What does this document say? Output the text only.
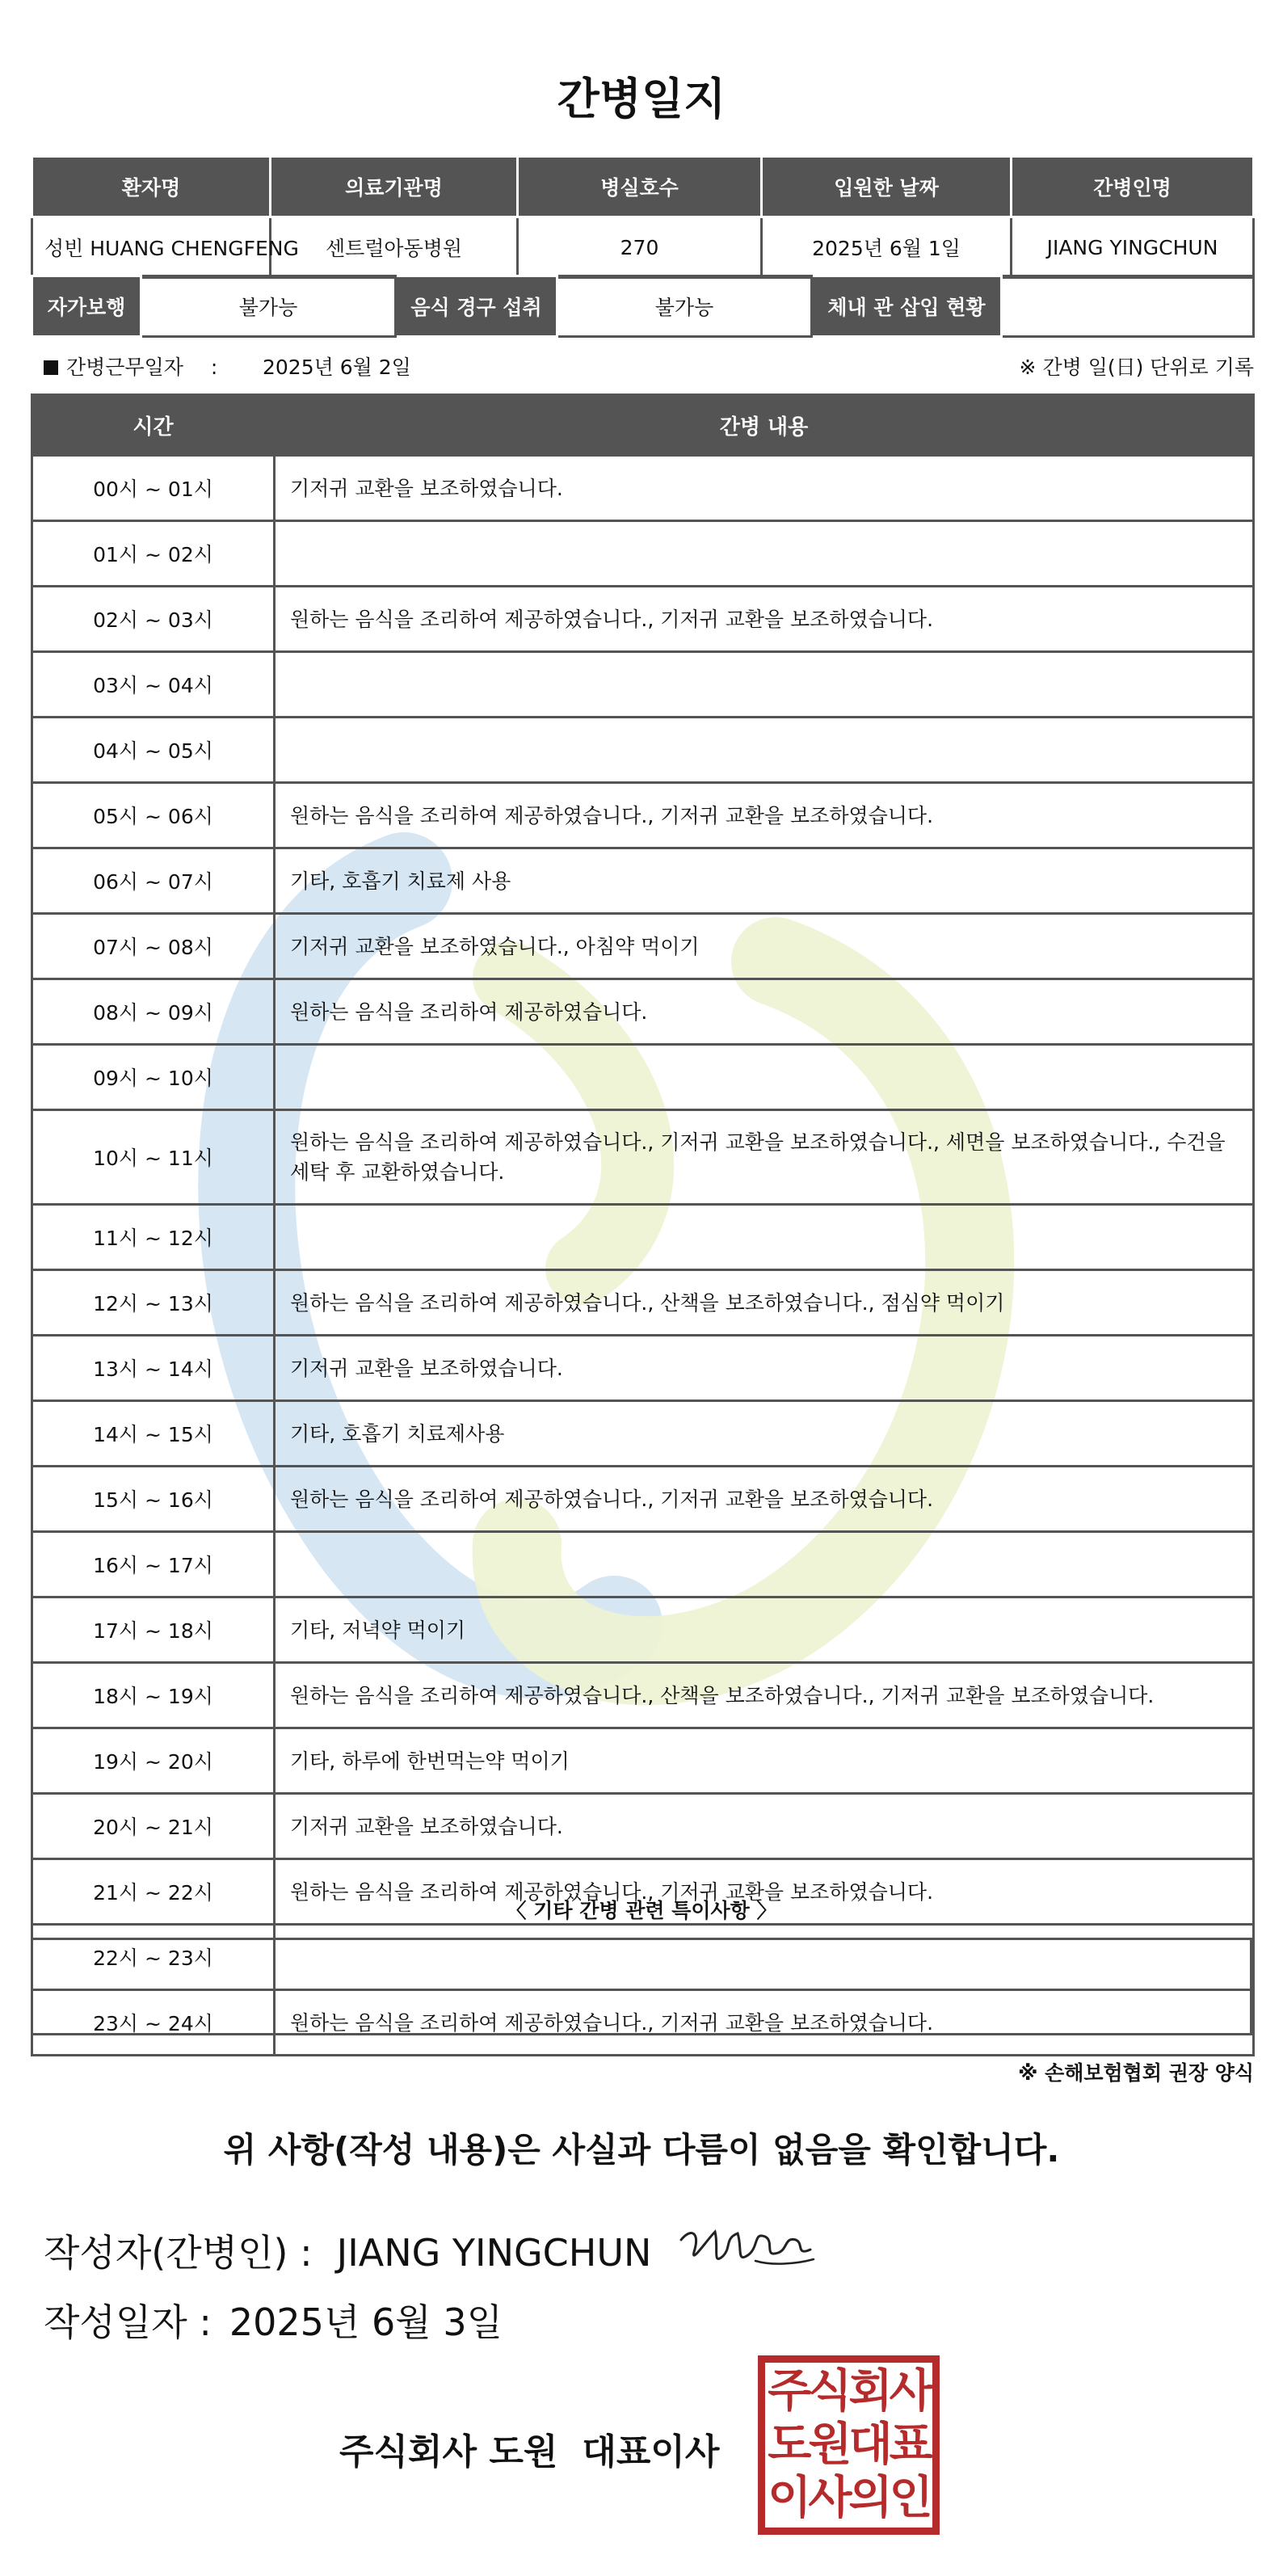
간병일지
환자명	의료기관명	병실호수	입원한 날짜	간병인명
성빈 HUANG CHENGFENG	센트럴아동병원	270	2025년 6월 1일	JIANG YINGCHUN
자가보행	불가능	음식 경구 섭취	불가능	체내 관 삽입 현황	
간병근무일자 : 2025년 6월 2일	※ 간병 일(日) 단위로 기록
시간	간병 내용
00시 ~ 01시	기저귀 교환을 보조하였습니다.
01시 ~ 02시	
02시 ~ 03시	원하는 음식을 조리하여 제공하였습니다., 기저귀 교환을 보조하였습니다.
03시 ~ 04시	
04시 ~ 05시	
05시 ~ 06시	원하는 음식을 조리하여 제공하였습니다., 기저귀 교환을 보조하였습니다.
06시 ~ 07시	기타, 호흡기 치료제 사용
07시 ~ 08시	기저귀 교환을 보조하였습니다., 아침약 먹이기
08시 ~ 09시	원하는 음식을 조리하여 제공하였습니다.
09시 ~ 10시	
10시 ~ 11시	원하는 음식을 조리하여 제공하였습니다., 기저귀 교환을 보조하였습니다., 세면을 보조하였습니다., 수건을 세탁 후 교환하였습니다.
11시 ~ 12시	
12시 ~ 13시	원하는 음식을 조리하여 제공하였습니다., 산책을 보조하였습니다., 점심약 먹이기
13시 ~ 14시	기저귀 교환을 보조하였습니다.
14시 ~ 15시	기타, 호흡기 치료제사용
15시 ~ 16시	원하는 음식을 조리하여 제공하였습니다., 기저귀 교환을 보조하였습니다.
16시 ~ 17시	
17시 ~ 18시	기타, 저녁약 먹이기
18시 ~ 19시	원하는 음식을 조리하여 제공하였습니다., 산책을 보조하였습니다., 기저귀 교환을 보조하였습니다.
19시 ~ 20시	기타, 하루에 한번먹는약 먹이기
20시 ~ 21시	기저귀 교환을 보조하였습니다.
21시 ~ 22시	원하는 음식을 조리하여 제공하였습니다., 기저귀 교환을 보조하였습니다.
22시 ~ 23시	
23시 ~ 24시	원하는 음식을 조리하여 제공하였습니다., 기저귀 교환을 보조하였습니다.
〈 기타 간병 관련 특이사항 〉
※ 손해보험협회 권장 양식
위 사항(작성 내용)은 사실과 다름이 없음을 확인합니다.
작성자(간병인) : JIANG YINGCHUN
작성일자 : 2025년 6월 3일
주식회사 도원 대표이사
주식회사
도원대표
이사의인
